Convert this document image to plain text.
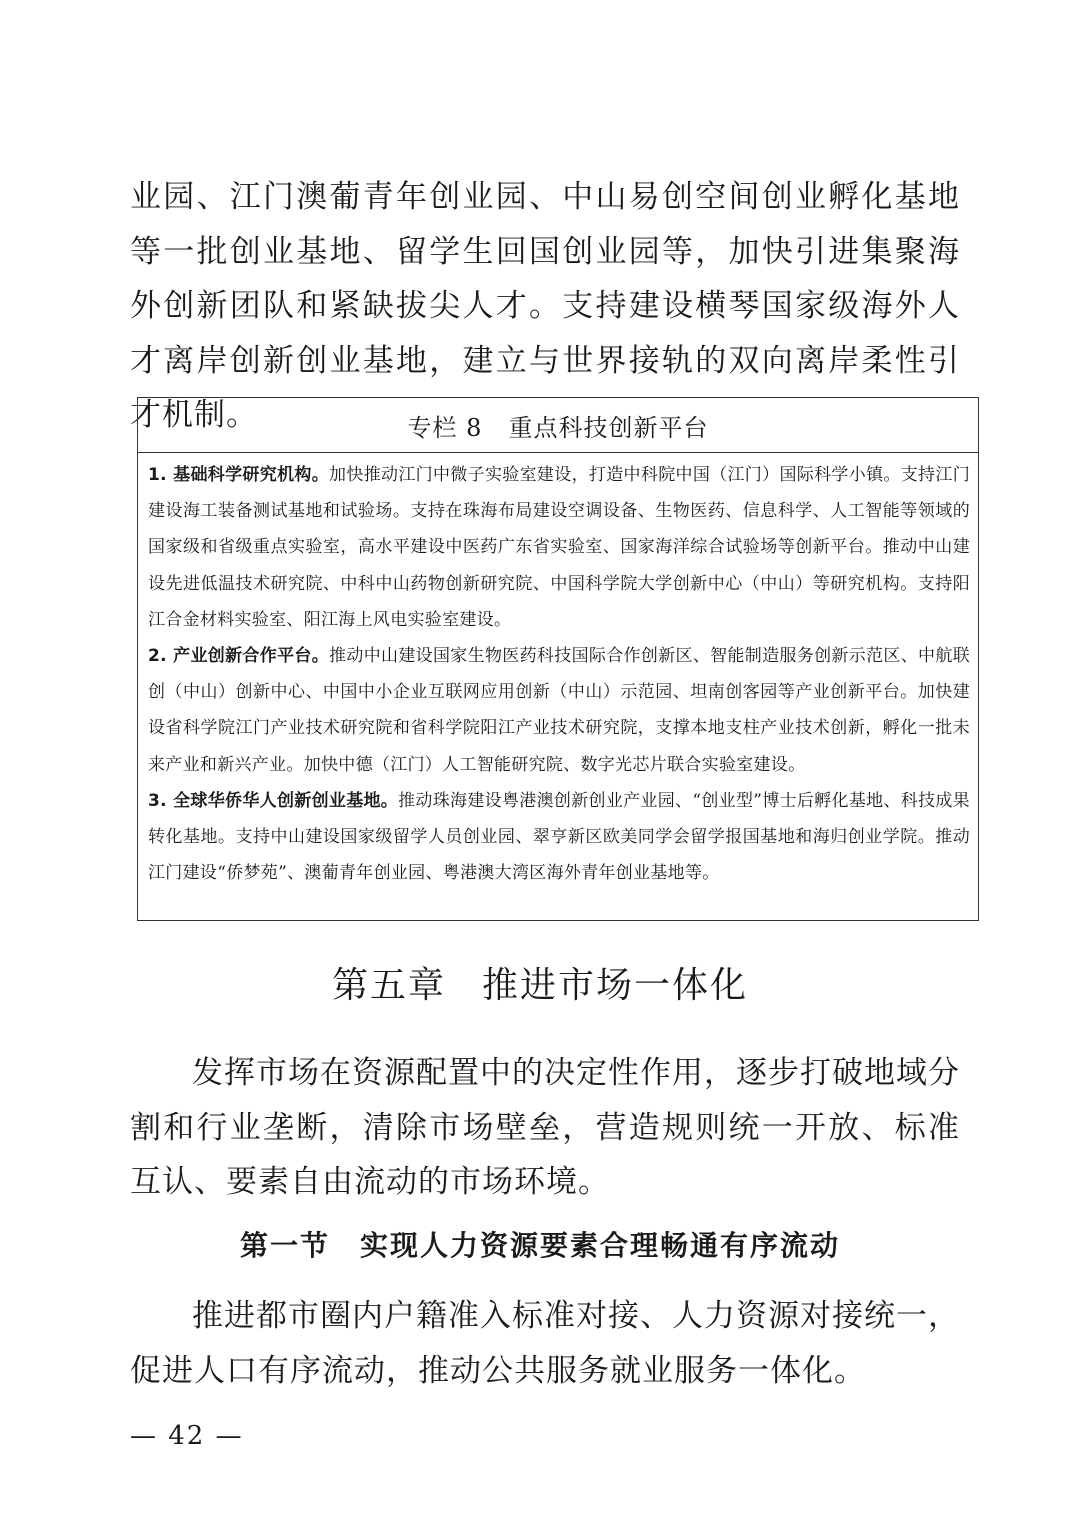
业园、江门澳葡青年创业园、中山易创空间创业孵化基地等一批创业基地、留学生回国创业园等，加快引进集聚海外创新团队和紧缺拔尖人才。支持建设横琴国家级海外人才离岸创新创业基地，建立与世界接轨的双向离岸柔性引才机制。	专栏 8 重点科技创新平台

1. 基础科学研究机构。加快推动江门中微子实验室建设，打造中科院中国（江门）国际科学小镇。支持江门建设海工装备测试基地和试验场。支持在珠海布局建设空调设备、生物医药、信息科学、人工智能等领域的国家级和省级重点实验室，高水平建设中医药广东省实验室、国家海洋综合试验场等创新平台。推动中山建设先进低温技术研究院、中科中山药物创新研究院、中国科学院大学创新中心（中山）等研究机构。支持阳江合金材料实验室、阳江海上风电实验室建设。

2. 产业创新合作平台。推动中山建设国家生物医药科技国际合作创新区、智能制造服务创新示范区、中航联创（中山）创新中心、中国中小企业互联网应用创新（中山）示范园、坦南创客园等产业创新平台。加快建设省科学院江门产业技术研究院和省科学院阳江产业技术研究院，支撑本地支柱产业技术创新，孵化一批未来产业和新兴产业。加快中德（江门）人工智能研究院、数字光芯片联合实验室建设。

3. 全球华侨华人创新创业基地。推动珠海建设粤港澳创新创业产业园、“创业型”博士后孵化基地、科技成果转化基地。支持中山建设国家级留学人员创业园、翠亨新区欧美同学会留学报国基地和海归创业学院。推动江门建设“侨梦苑”、澳葡青年创业园、粤港澳大湾区海外青年创业基地等。

第五章 推进市场一体化

发挥市场在资源配置中的决定性作用，逐步打破地域分割和行业垄断，清除市场壁垒，营造规则统一开放、标准互认、要素自由流动的市场环境。

第一节 实现人力资源要素合理畅通有序流动

推进都市圈内户籍准入标准对接、人力资源对接统一，促进人口有序流动，推动公共服务就业服务一体化。

— 42 —
